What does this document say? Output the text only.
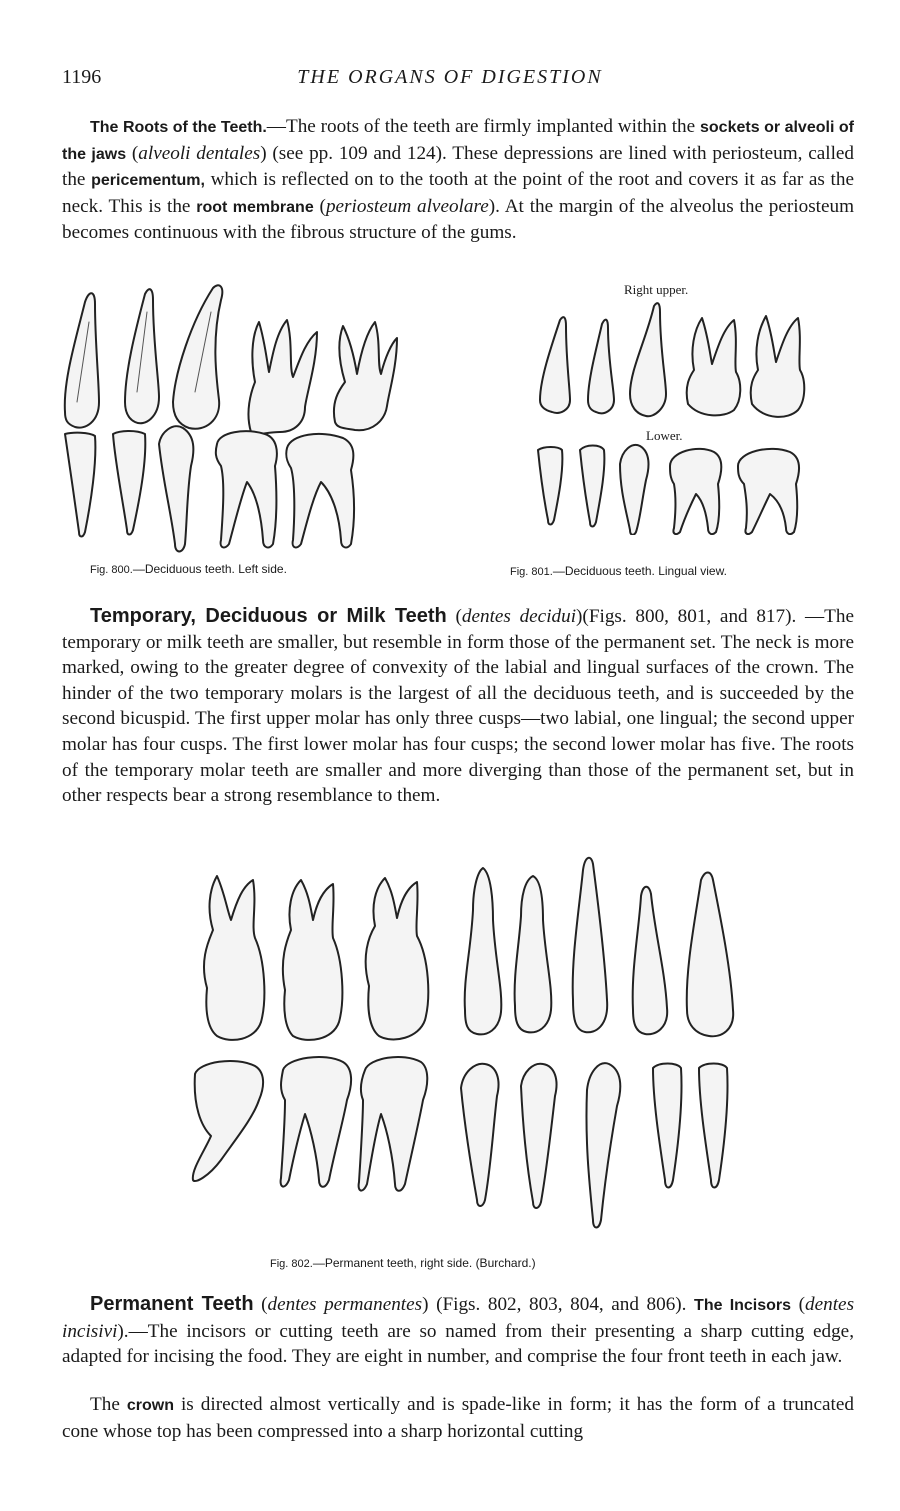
1196	THE ORGANS OF DIGESTION
The Roots of the Teeth.—The roots of the teeth are firmly implanted within the sockets or alveoli of the jaws (alveoli dentales) (see pp. 109 and 124). These depressions are lined with periosteum, called the pericementum, which is reflected on to the tooth at the point of the root and covers it as far as the neck. This is the root membrane (periosteum alveolare). At the margin of the alveolus the periosteum becomes continuous with the fibrous structure of the gums.
Fig. 800.—Deciduous teeth. Left side.
Right upper.
Lower.
Fig. 801.—Deciduous teeth. Lingual view.
Temporary, Deciduous or Milk Teeth (dentes decidui)(Figs. 800, 801, and 817). —The temporary or milk teeth are smaller, but resemble in form those of the permanent set. The neck is more marked, owing to the greater degree of convexity of the labial and lingual surfaces of the crown. The hinder of the two temporary molars is the largest of all the deciduous teeth, and is succeeded by the second bicuspid. The first upper molar has only three cusps—two labial, one lingual; the second upper molar has four cusps. The first lower molar has four cusps; the second lower molar has five. The roots of the temporary molar teeth are smaller and more diverging than those of the permanent set, but in other respects bear a strong resemblance to them.
Fig. 802.—Permanent teeth, right side. (Burchard.)
Permanent Teeth (dentes permanentes) (Figs. 802, 803, 804, and 806). The Incisors (dentes incisivi).—The incisors or cutting teeth are so named from their presenting a sharp cutting edge, adapted for incising the food. They are eight in number, and comprise the four front teeth in each jaw.
The crown is directed almost vertically and is spade-like in form; it has the form of a truncated cone whose top has been compressed into a sharp horizontal cutting
